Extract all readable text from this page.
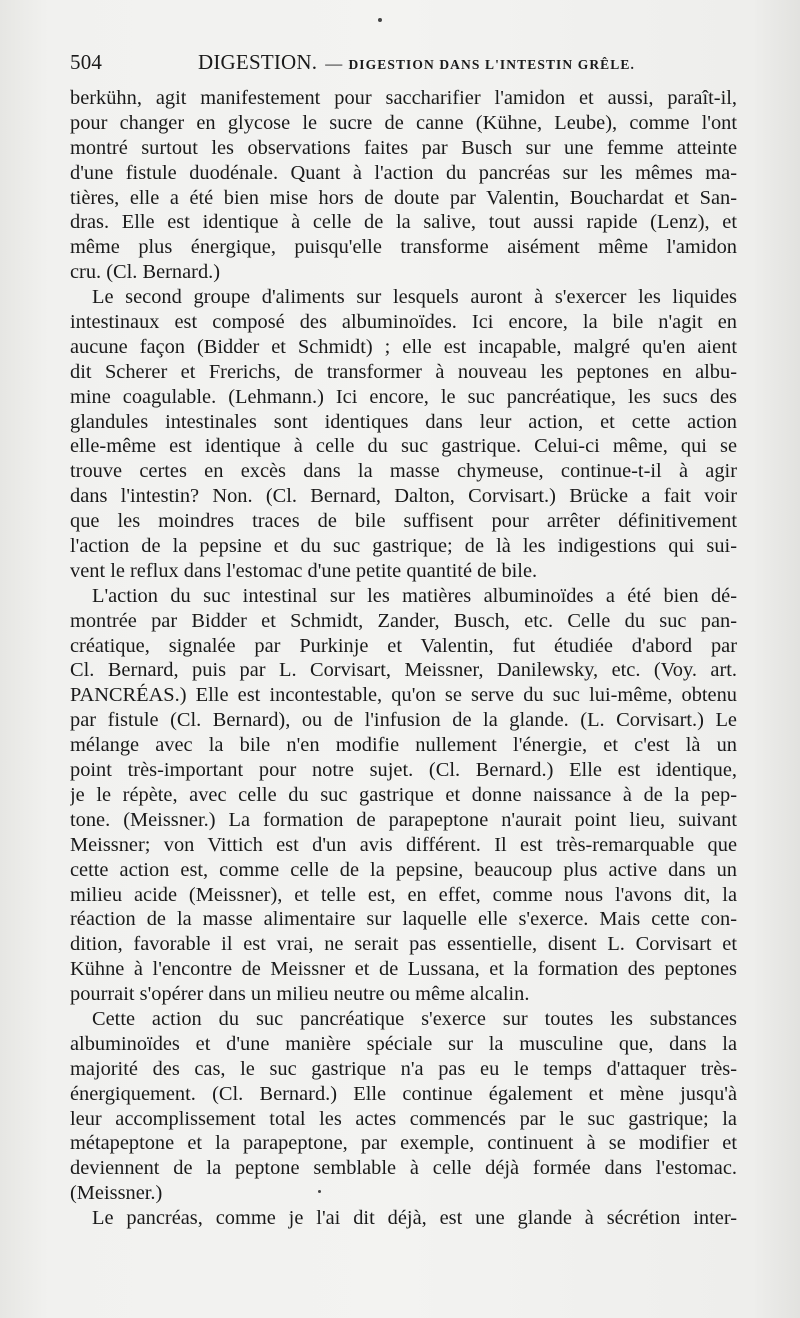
504	DIGESTION. — DIGESTION DANS L'INTESTIN GRÊLE.
berkühn, agit manifestement pour saccharifier l'amidon et aussi, paraît-il,
pour changer en glycose le sucre de canne (Kühne, Leube), comme l'ont
montré surtout les observations faites par Busch sur une femme atteinte
d'une fistule duodénale. Quant à l'action du pancréas sur les mêmes ma-
tières, elle a été bien mise hors de doute par Valentin, Bouchardat et San-
dras. Elle est identique à celle de la salive, tout aussi rapide (Lenz), et
même plus énergique, puisqu'elle transforme aisément même l'amidon
cru. (Cl. Bernard.)
Le second groupe d'aliments sur lesquels auront à s'exercer les liquides
intestinaux est composé des albuminoïdes. Ici encore, la bile n'agit en
aucune façon (Bidder et Schmidt) ; elle est incapable, malgré qu'en aient
dit Scherer et Frerichs, de transformer à nouveau les peptones en albu-
mine coagulable. (Lehmann.) Ici encore, le suc pancréatique, les sucs des
glandules intestinales sont identiques dans leur action, et cette action
elle-même est identique à celle du suc gastrique. Celui-ci même, qui se
trouve certes en excès dans la masse chymeuse, continue-t-il à agir
dans l'intestin? Non. (Cl. Bernard, Dalton, Corvisart.) Brücke a fait voir
que les moindres traces de bile suffisent pour arrêter définitivement
l'action de la pepsine et du suc gastrique; de là les indigestions qui sui-
vent le reflux dans l'estomac d'une petite quantité de bile.
L'action du suc intestinal sur les matières albuminoïdes a été bien dé-
montrée par Bidder et Schmidt, Zander, Busch, etc. Celle du suc pan-
créatique, signalée par Purkinje et Valentin, fut étudiée d'abord par
Cl. Bernard, puis par L. Corvisart, Meissner, Danilewsky, etc. (Voy. art.
PANCRÉAS.) Elle est incontestable, qu'on se serve du suc lui-même, obtenu
par fistule (Cl. Bernard), ou de l'infusion de la glande. (L. Corvisart.) Le
mélange avec la bile n'en modifie nullement l'énergie, et c'est là un
point très-important pour notre sujet. (Cl. Bernard.) Elle est identique,
je le répète, avec celle du suc gastrique et donne naissance à de la pep-
tone. (Meissner.) La formation de parapeptone n'aurait point lieu, suivant
Meissner; von Vittich est d'un avis différent. Il est très-remarquable que
cette action est, comme celle de la pepsine, beaucoup plus active dans un
milieu acide (Meissner), et telle est, en effet, comme nous l'avons dit, la
réaction de la masse alimentaire sur laquelle elle s'exerce. Mais cette con-
dition, favorable il est vrai, ne serait pas essentielle, disent L. Corvisart et
Kühne à l'encontre de Meissner et de Lussana, et la formation des peptones
pourrait s'opérer dans un milieu neutre ou même alcalin.
Cette action du suc pancréatique s'exerce sur toutes les substances
albuminoïdes et d'une manière spéciale sur la musculine que, dans la
majorité des cas, le suc gastrique n'a pas eu le temps d'attaquer très-
énergiquement. (Cl. Bernard.) Elle continue également et mène jusqu'à
leur accomplissement total les actes commencés par le suc gastrique; la
métapeptone et la parapeptone, par exemple, continuent à se modifier et
deviennent de la peptone semblable à celle déjà formée dans l'estomac.
(Meissner.)
Le pancréas, comme je l'ai dit déjà, est une glande à sécrétion inter-
